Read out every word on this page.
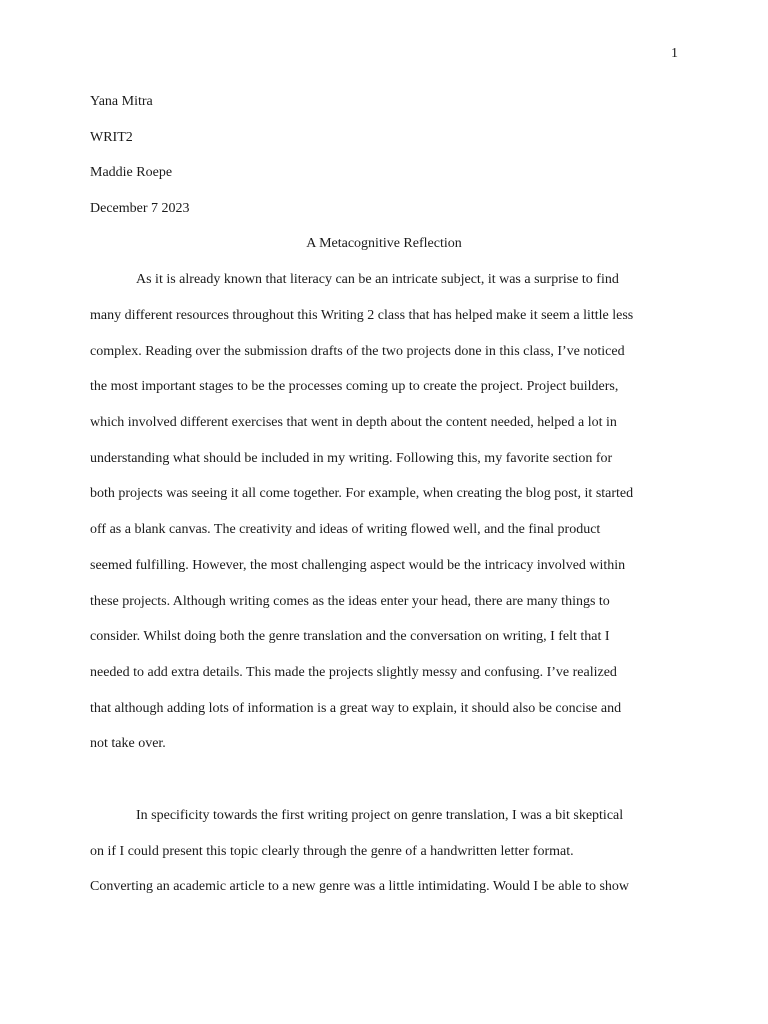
1
Yana Mitra
WRIT2
Maddie Roepe
December 7 2023
A Metacognitive Reflection
As it is already known that literacy can be an intricate subject, it was a surprise to find
many different resources throughout this Writing 2 class that has helped make it seem a little less
complex. Reading over the submission drafts of the two projects done in this class, I’ve noticed
the most important stages to be the processes coming up to create the project. Project builders,
which involved different exercises that went in depth about the content needed, helped a lot in
understanding what should be included in my writing. Following this, my favorite section for
both projects was seeing it all come together. For example, when creating the blog post, it started
off as a blank canvas. The creativity and ideas of writing flowed well, and the final product
seemed fulfilling. However, the most challenging aspect would be the intricacy involved within
these projects. Although writing comes as the ideas enter your head, there are many things to
consider. Whilst doing both the genre translation and the conversation on writing, I felt that I
needed to add extra details. This made the projects slightly messy and confusing. I’ve realized
that although adding lots of information is a great way to explain, it should also be concise and
not take over.
In specificity towards the first writing project on genre translation, I was a bit skeptical
on if I could present this topic clearly through the genre of a handwritten letter format.
Converting an academic article to a new genre was a little intimidating. Would I be able to show
